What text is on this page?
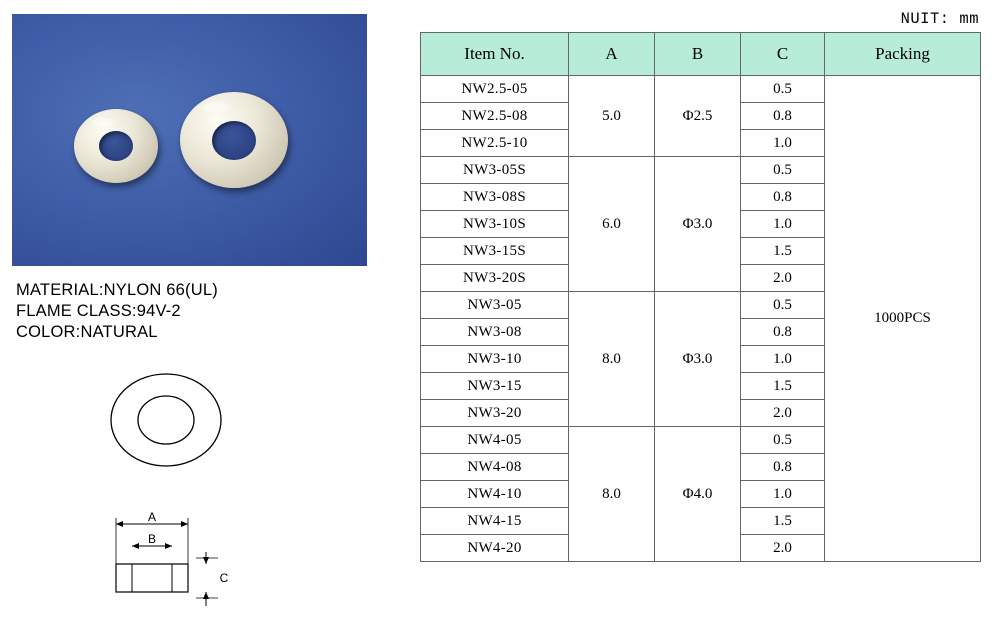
MATERIAL:NYLON 66(UL)
FLAME CLASS:94V-2
COLOR:NATURAL
A
B
C
NUIT: mm
Item No.	A	B	C	Packing
NW2.5-05	5.0	Φ2.5	0.5	1000PCS
NW2.5-08			0.8	
NW2.5-10			1.0	
NW3-05S	6.0	Φ3.0	0.5	
NW3-08S			0.8	
NW3-10S			1.0	
NW3-15S			1.5	
NW3-20S			2.0	
NW3-05	8.0	Φ3.0	0.5	
NW3-08			0.8	
NW3-10			1.0	
NW3-15			1.5	
NW3-20			2.0	
NW4-05	8.0	Φ4.0	0.5	
NW4-08			0.8	
NW4-10			1.0	
NW4-15			1.5	
NW4-20			2.0	
